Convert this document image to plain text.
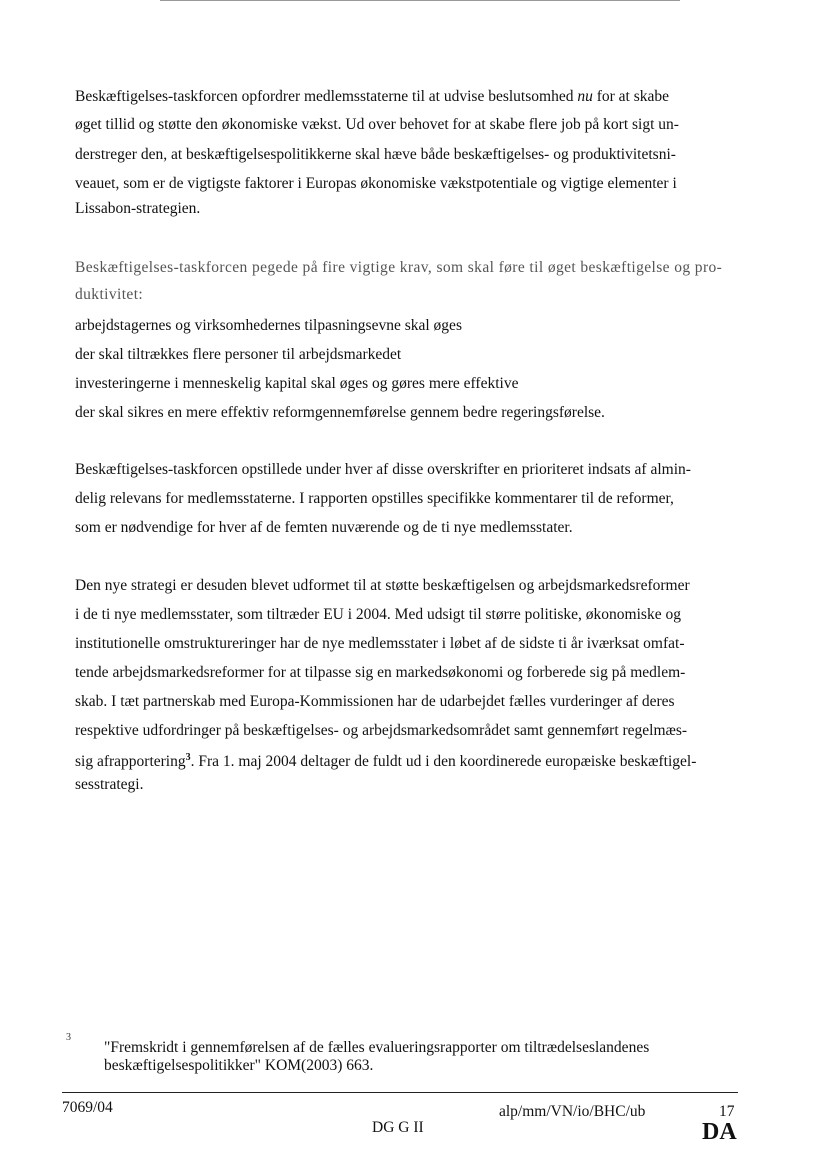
Beskæftigelses-taskforcen opfordrer medlemsstaterne til at udvise beslutsomhed nu for at skabe
øget tillid og støtte den økonomiske vækst. Ud over behovet for at skabe flere job på kort sigt un-
derstreger den, at beskæftigelsespolitikkerne skal hæve både beskæftigelses- og produktivitetsni-
veauet, som er de vigtigste faktorer i Europas økonomiske vækstpotentiale og vigtige elementer i
Lissabon-strategien.
Beskæftigelses-taskforcen pegede på fire vigtige krav, som skal føre til øget beskæftigelse og pro-
duktivitet:
arbejdstagernes og virksomhedernes tilpasningsevne skal øges
der skal tiltrækkes flere personer til arbejdsmarkedet
investeringerne i menneskelig kapital skal øges og gøres mere effektive
der skal sikres en mere effektiv reformgennemførelse gennem bedre regeringsførelse.
Beskæftigelses-taskforcen opstillede under hver af disse overskrifter en prioriteret indsats af almin-
delig relevans for medlemsstaterne. I rapporten opstilles specifikke kommentarer til de reformer,
som er nødvendige for hver af de femten nuværende og de ti nye medlemsstater.
Den nye strategi er desuden blevet udformet til at støtte beskæftigelsen og arbejdsmarkedsreformer
i de ti nye medlemsstater, som tiltræder EU i 2004. Med udsigt til større politiske, økonomiske og
institutionelle omstruktureringer har de nye medlemsstater i løbet af de sidste ti år iværksat omfat-
tende arbejdsmarkedsreformer for at tilpasse sig en markedsøkonomi og forberede sig på medlem-
skab. I tæt partnerskab med Europa-Kommissionen har de udarbejdet fælles vurderinger af deres
respektive udfordringer på beskæftigelses- og arbejdsmarkedsområdet samt gennemført regelmæs-
sig afrapportering$^3$. Fra 1. maj 2004 deltager de fuldt ud i den koordinerede europæiske beskæftigel-
sesstrategi.
3
"Fremskridt i gennemførelsen af de fælles evalueringsrapporter om tiltrædelseslandenes
beskæftigelsespolitikker" KOM(2003) 663.
7069/04	alp/mm/VN/io/BHC/ub	17
DG G II	DA
